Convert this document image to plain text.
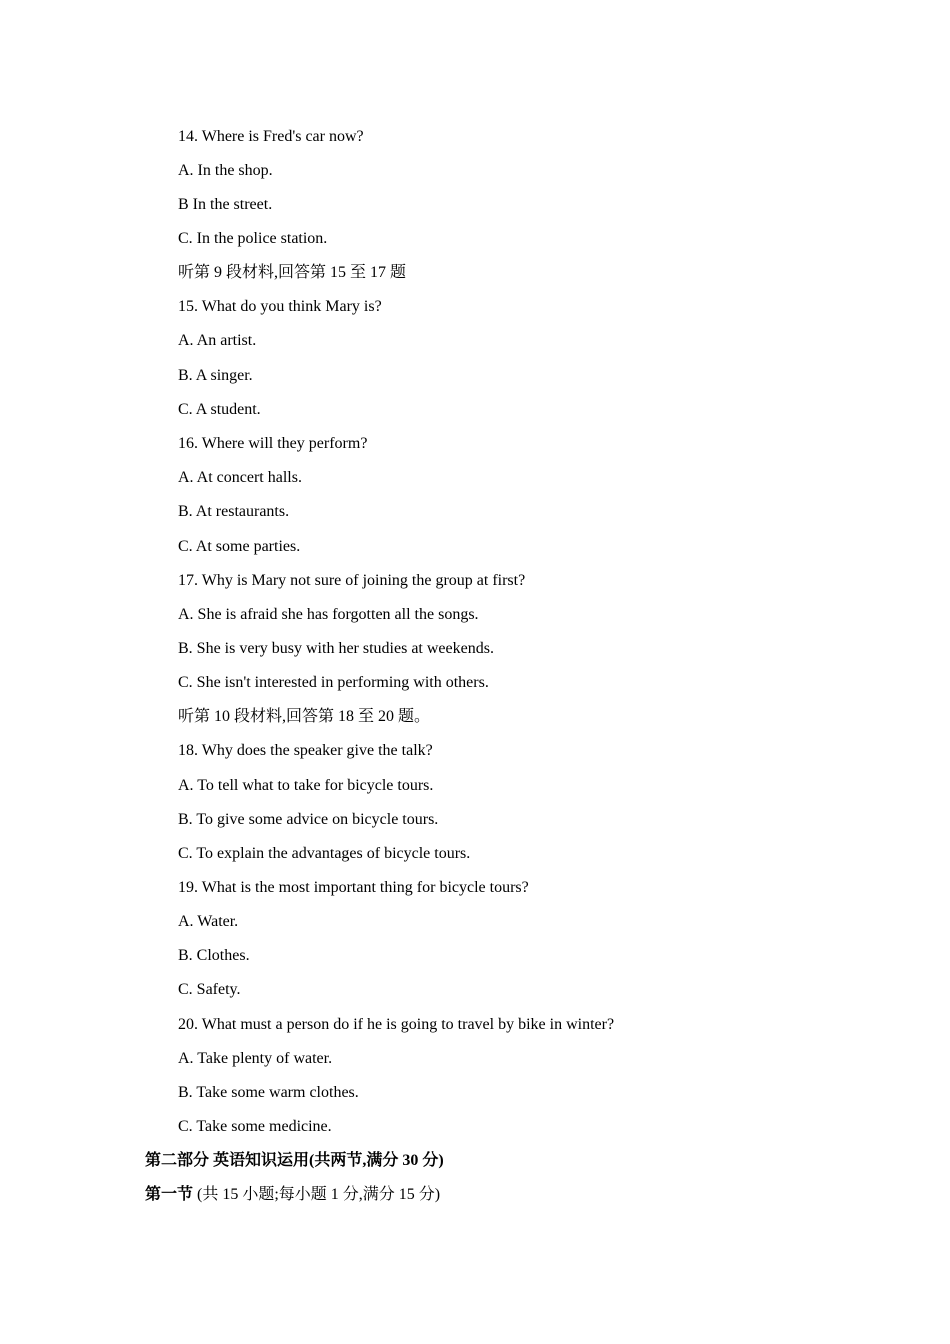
14. Where is Fred's car now?
A. In the shop.
B In the street.
C. In the police station.
听第 9 段材料,回答第 15 至 17 题
15. What do you think Mary is?
A. An artist.
B. A singer.
C. A student.
16. Where will they perform?
A. At concert halls.
B. At restaurants.
C. At some parties.
17. Why is Mary not sure of joining the group at first?
A. She is afraid she has forgotten all the songs.
B. She is very busy with her studies at weekends.
C. She isn't interested in performing with others.
听第 10 段材料,回答第 18 至 20 题。
18. Why does the speaker give the talk?
A. To tell what to take for bicycle tours.
B. To give some advice on bicycle tours.
C. To explain the advantages of bicycle tours.
19. What is the most important thing for bicycle tours?
A. Water.
B. Clothes.
C. Safety.
20. What must a person do if he is going to travel by bike in winter?
A. Take plenty of water.
B. Take some warm clothes.
C. Take some medicine.
第二部分 英语知识运用(共两节,满分 30 分)
第一节 (共 15 小题;每小题 1 分,满分 15 分)
